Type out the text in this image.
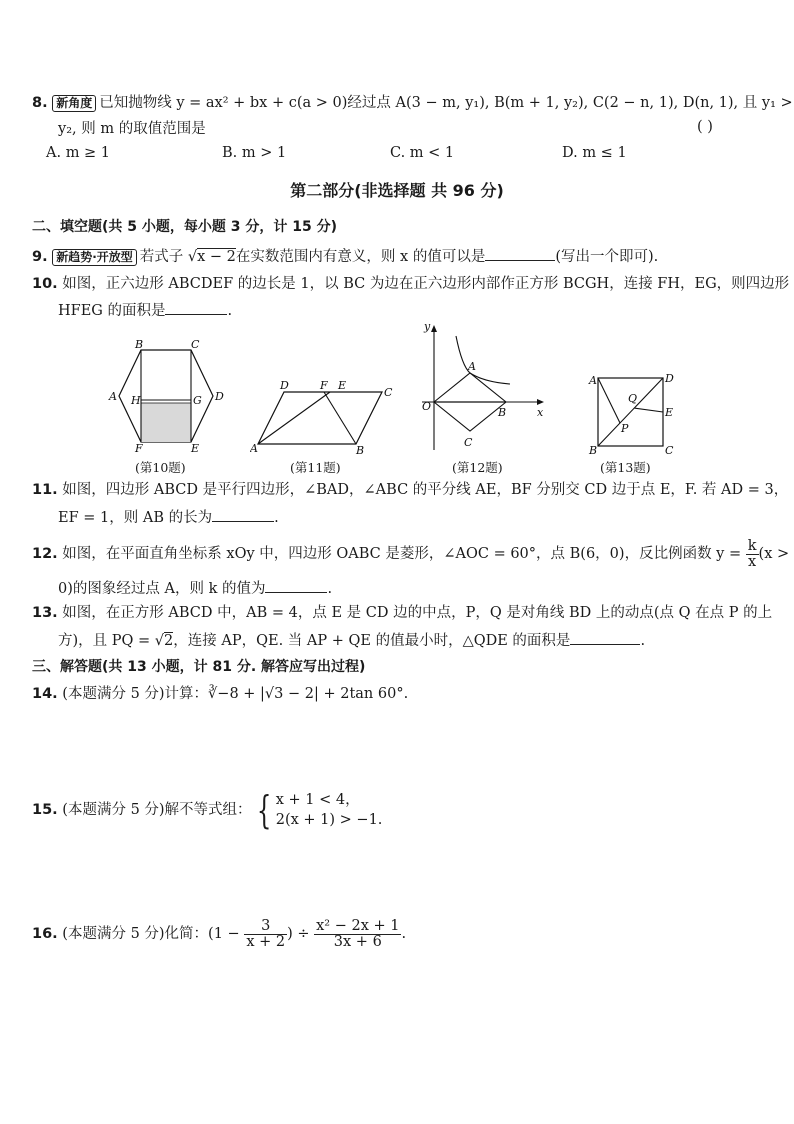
8. 新角度 已知抛物线 y = ax² + bx + c(a > 0)经过点 A(3 − m, y₁), B(m + 1, y₂), C(2 − n, 1), D(n, 1), 且 y₁ >
y₂, 则 m 的取值范围是	( )
A. m ≥ 1	B. m > 1	C. m < 1	D. m ≤ 1
第二部分(非选择题 共 96 分)
二、填空题(共 5 小题，每小题 3 分，计 15 分)
9. 新趋势·开放型 若式子 √x − 2在实数范围内有意义，则 x 的值可以是	(写出一个即可).
10. 如图，正六边形 ABCDEF 的边长是 1，以 BC 为边在正六边形内部作正方形 BCGH，连接 FH，EG，则四边形
HFEG 的面积是	.
B	C
A H	G D
F	E
(第10题)
D	F E
C
A	B
(第11题)
y
A
O	B	x
C
(第12题)
A	D
Q
E
P
B	C
(第13题)
11. 如图，四边形 ABCD 是平行四边形，∠BAD，∠ABC 的平分线 AE，BF 分别交 CD 边于点 E，F. 若 AD = 3，
EF = 1，则 AB 的长为	.
12. 如图，在平面直角坐标系 xOy 中，四边形 OABC 是菱形，∠AOC = 60°，点 B(6，0)，反比例函数 $y = \frac{k}{x} (x$ >
0)的图象经过点 A，则 k 的值为	.
13. 如图，在正方形 ABCD 中，AB = 4，点 E 是 CD 边的中点，P，Q 是对角线 BD 上的动点(点 Q 在点 P 的上
方)，且 PQ = √2，连接 AP，QE. 当 AP + QE 的值最小时，△QDE 的面积是	.
三、解答题(共 13 小题，计 81 分. 解答应写出过程)
14. (本题满分 5 分)计算：∛−8 + |√3 − 2| + 2tan 60°.
15. (本题满分 5 分)解不等式组： { x + 1 < 4，
2(x + 1) > −1.
16. (本题满分 5 分)化简：($1 - \frac{3}{x + 2}$ ) ÷ $\frac{\text{x² − 2x + 1}}{3x + 6}$ .
